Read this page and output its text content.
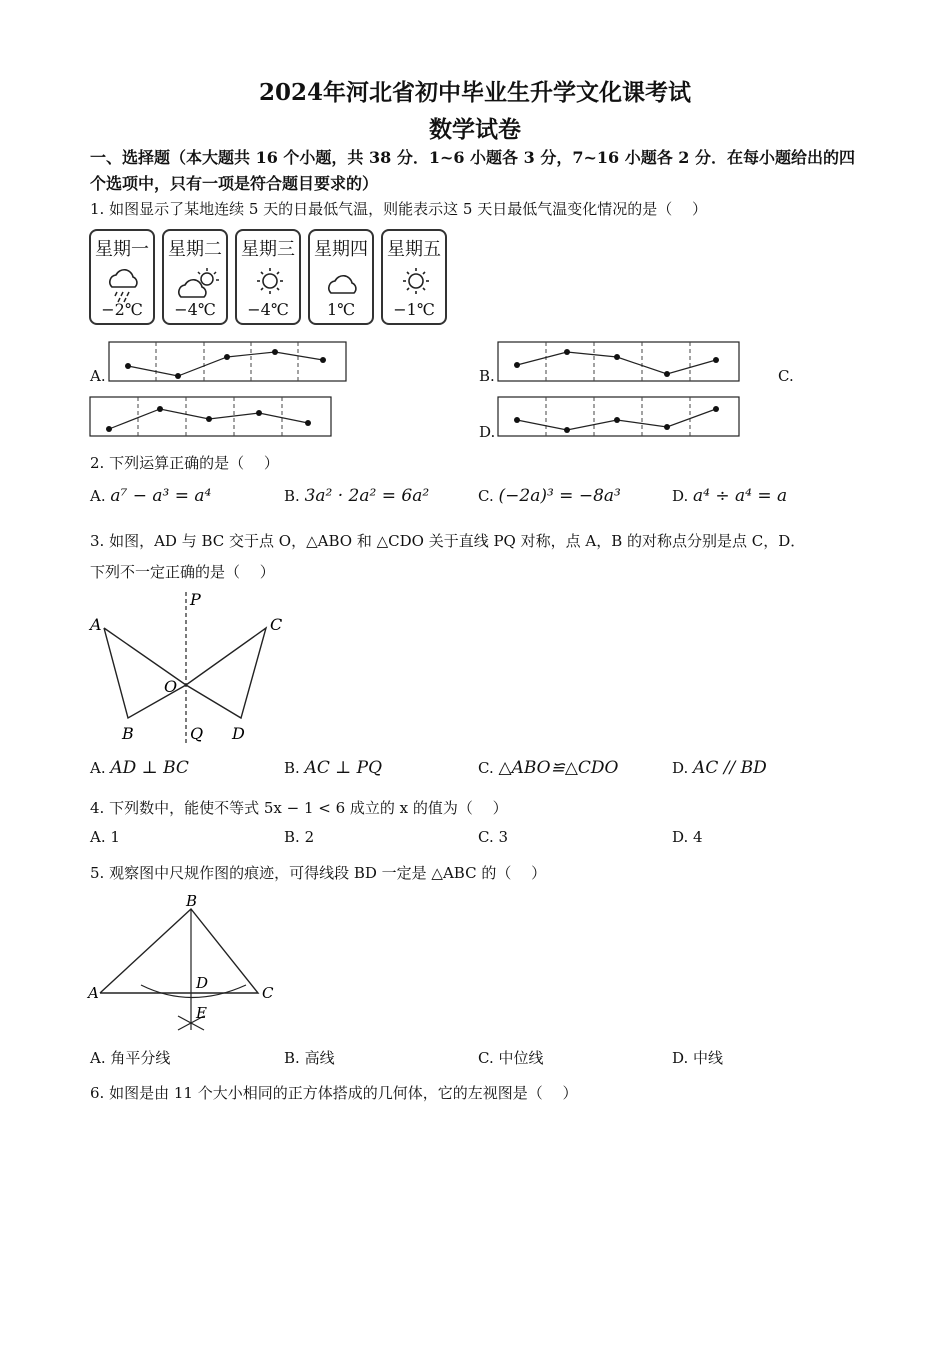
2024年河北省初中毕业生升学文化课考试
数学试卷
一、选择题（本大题共 16 个小题，共 38 分．1~6 小题各 3 分，7~16 小题各 2 分．在每小题给出的四个选项中，只有一项是符合题目要求的）
1. 如图显示了某地连续 5 天的日最低气温，则能表示这 5 天日最低气温变化情况的是（　 ）
星期一
−2℃
星期二
−4℃
星期三
−4℃
星期四
1℃
星期五
−1℃
A.	B.	C.
D.
2. 下列运算正确的是（　 ）
A. a⁷ − a³ = a⁴	B. 3a² · 2a² = 6a²	C. (−2a)³ = −8a³	D. a⁴ ÷ a⁴ = a
3. 如图，AD 与 BC 交于点 O，△ABO 和 △CDO 关于直线 PQ 对称，点 A，B 的对称点分别是点 C，D．
下列不一定正确的是（　 ）
P
A	C
O
B	Q D
A. AD ⊥ BC	B. AC ⊥ PQ	C. △ABO≌△CDO	D. AC // BD
4. 下列数中，能使不等式 5x − 1 < 6 成立的 x 的值为（　 ）
A. 1	B. 2	C. 3	D. 4
5. 观察图中尺规作图的痕迹，可得线段 BD 一定是 △ABC 的（　 ）
B
A
D
C
E
A. 角平分线	B. 高线	C. 中位线	D. 中线
6. 如图是由 11 个大小相同的正方体搭成的几何体，它的左视图是（　 ）
